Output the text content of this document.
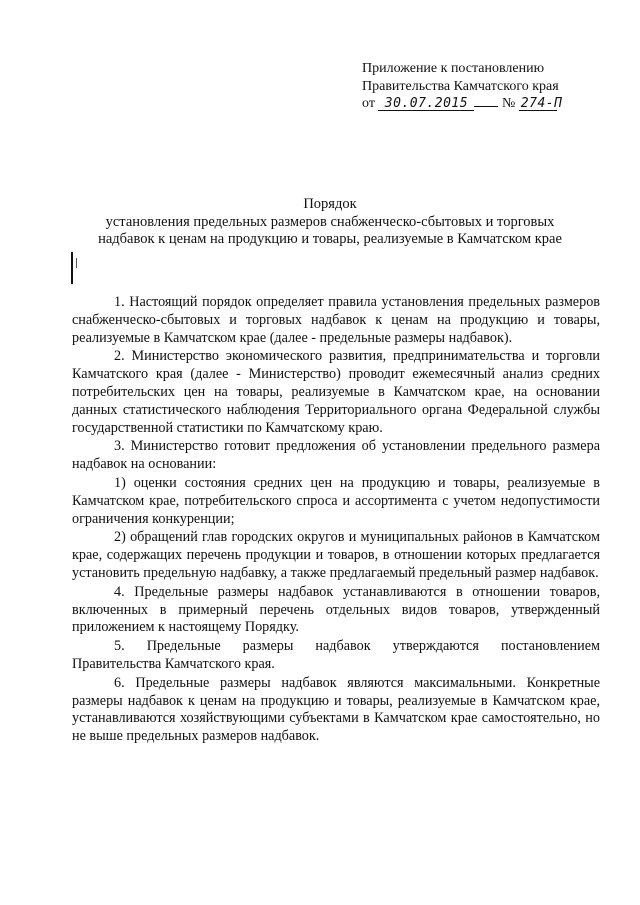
Приложение к постановлению
Правительства Камчатского края
от 30.07.2015 № 274-П
Порядок
установления предельных размеров снабженческо-сбытовых и торговых
надбавок к ценам на продукцию и товары, реализуемые в Камчатском крае

1. Настоящий порядок определяет правила установления предельных размеров снабженческо-сбытовых и торговых надбавок к ценам на продукцию и товары, реализуемые в Камчатском крае (далее - предельные размеры надбавок).

2. Министерство экономического развития, предпринимательства и торговли Камчатского края (далее - Министерство) проводит ежемесячный анализ средних потребительских цен на товары, реализуемые в Камчатском крае, на основании данных статистического наблюдения Территориального органа Федеральной службы государственной статистики по Камчатскому краю.

3. Министерство готовит предложения об установлении предельного размера надбавок на основании:

1) оценки состояния средних цен на продукцию и товары, реализуемые в Камчатском крае, потребительского спроса и ассортимента с учетом недопустимости ограничения конкуренции;

2) обращений глав городских округов и муниципальных районов в Камчатском крае, содержащих перечень продукции и товаров, в отношении которых предлагается установить предельную надбавку, а также предлагаемый предельный размер надбавок.

4. Предельные размеры надбавок устанавливаются в отношении товаров, включенных в примерный перечень отдельных видов товаров, утвержденный приложением к настоящему Порядку.

5. Предельные размеры надбавок утверждаются постановлением Правительства Камчатского края.

6. Предельные размеры надбавок являются максимальными. Конкретные размеры надбавок к ценам на продукцию и товары, реализуемые в Камчатском крае, устанавливаются хозяйствующими субъектами в Камчатском крае самостоятельно, но не выше предельных размеров надбавок.
